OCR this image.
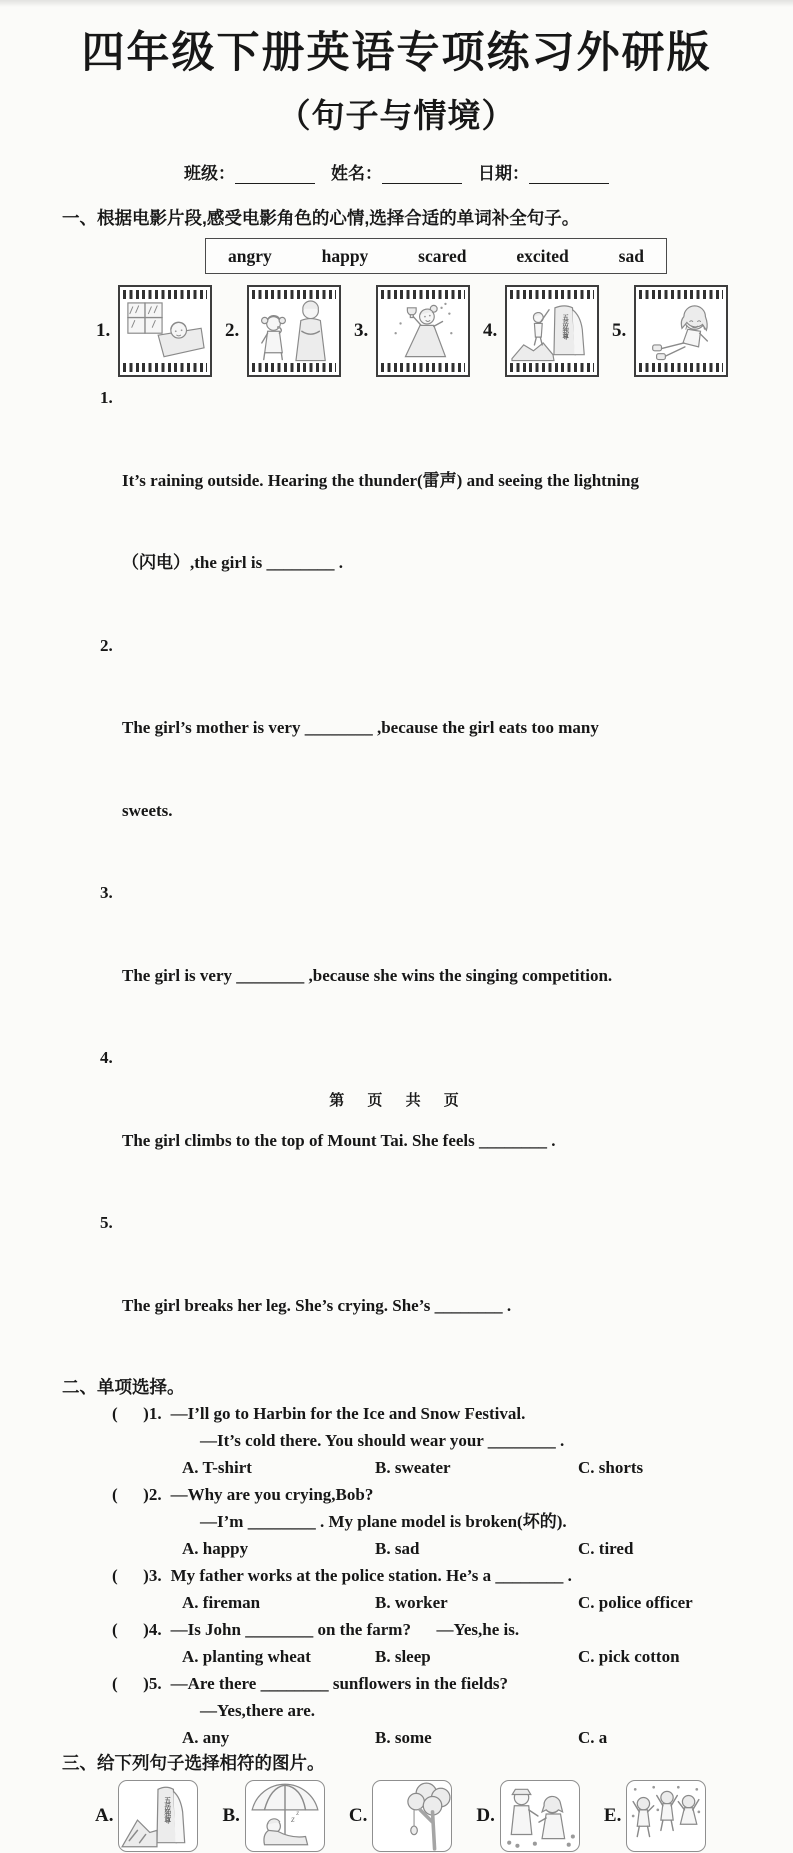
四年级下册英语专项练习外研版
（句子与情境）
班级：	姓名：	日期：
一、根据电影片段,感受电影角色的心情,选择合适的单词补全句子。
angry	happy	scared	excited	sad
1.	2.	3.	4.	五岳独尊 5.

1.

It’s raining outside. Hearing the thunder(雷声) and seeing the lightning

（闪电）,the girl is ________ .

2.

The girl’s mother is very ________ ,because the girl eats too many

sweets.

3.

The girl is very ________ ,because she wins the singing competition.

4.

The girl climbs to the top of Mount Tai. She feels ________ .

5.

The girl breaks her leg. She’s crying. She’s ________ .

二、单项选择。
(      )1. —I’ll go to Harbin for the Ice and Snow Festival.
—It’s cold there. You should wear your ________ .
A. T-shirt	B. sweater	C. shorts
(      )2. —Why are you crying,Bob?
—I’m ________ . My plane model is broken(坏的).
A. happy	B. sad	C. tired
(      )3. My father works at the police station. He’s a ________ .
A. fireman	B. worker	C. police officer
(      )4. —Is John ________ on the farm?      —Yes,he is.
A. planting wheat	B. sleep	C. pick cotton
(      )5. —Are there ________ sunflowers in the fields?
—Yes,there are.
A. any	B. some	C. a
三、给下列句子选择相符的图片。
A.	五岳独尊	B.	z
z	C.	D.	E.
第 页 共 页
